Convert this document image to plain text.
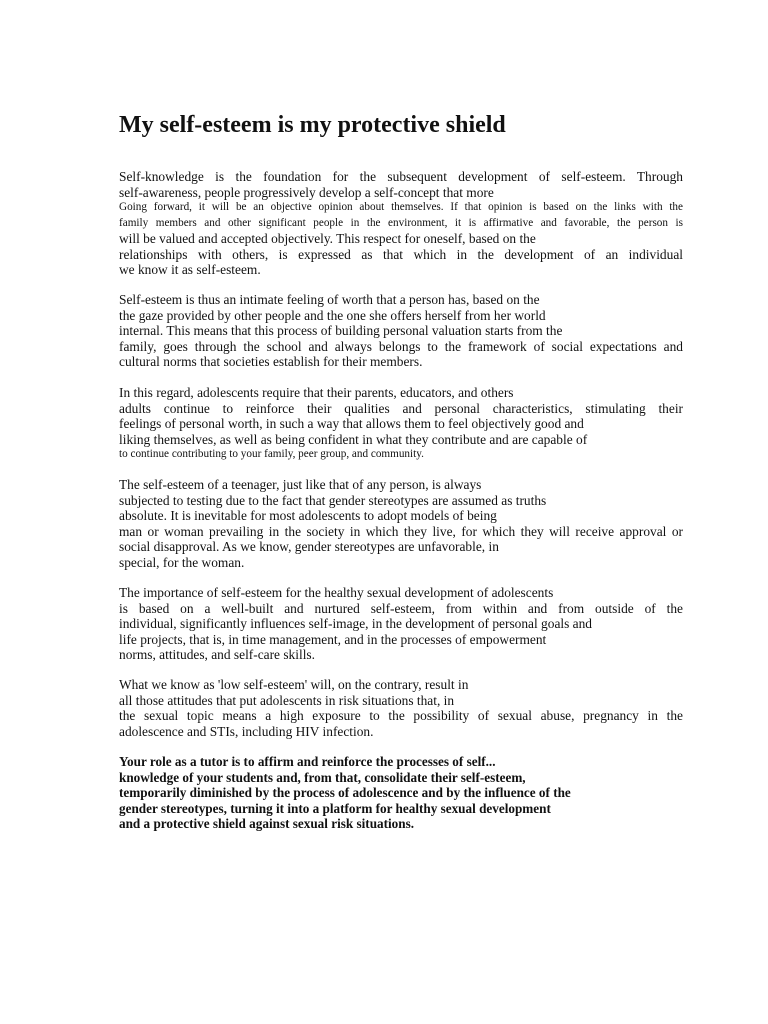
My self-esteem is my protective shield
Self-knowledge is the foundation for the subsequent development of self-esteem. Through
self-awareness, people progressively develop a self-concept that more
Going forward, it will be an objective opinion about themselves. If that opinion is based on the links with the
family members and other significant people in the environment, it is affirmative and favorable, the person is
will be valued and accepted objectively. This respect for oneself, based on the
relationships with others, is expressed as that which in the development of an individual
we know it as self-esteem.
Self-esteem is thus an intimate feeling of worth that a person has, based on the
the gaze provided by other people and the one she offers herself from her world
internal. This means that this process of building personal valuation starts from the
family, goes through the school and always belongs to the framework of social expectations and
cultural norms that societies establish for their members.
In this regard, adolescents require that their parents, educators, and others
adults continue to reinforce their qualities and personal characteristics, stimulating their
feelings of personal worth, in such a way that allows them to feel objectively good and
liking themselves, as well as being confident in what they contribute and are capable of
to continue contributing to your family, peer group, and community.
The self-esteem of a teenager, just like that of any person, is always
subjected to testing due to the fact that gender stereotypes are assumed as truths
absolute. It is inevitable for most adolescents to adopt models of being
man or woman prevailing in the society in which they live, for which they will receive approval or
social disapproval. As we know, gender stereotypes are unfavorable, in
special, for the woman.
The importance of self-esteem for the healthy sexual development of adolescents
is based on a well-built and nurtured self-esteem, from within and from outside of the
individual, significantly influences self-image, in the development of personal goals and
life projects, that is, in time management, and in the processes of empowerment
norms, attitudes, and self-care skills.
What we know as 'low self-esteem' will, on the contrary, result in
all those attitudes that put adolescents in risk situations that, in
the sexual topic means a high exposure to the possibility of sexual abuse, pregnancy in the
adolescence and STIs, including HIV infection.
Your role as a tutor is to affirm and reinforce the processes of self...
knowledge of your students and, from that, consolidate their self-esteem,
temporarily diminished by the process of adolescence and by the influence of the
gender stereotypes, turning it into a platform for healthy sexual development
and a protective shield against sexual risk situations.
